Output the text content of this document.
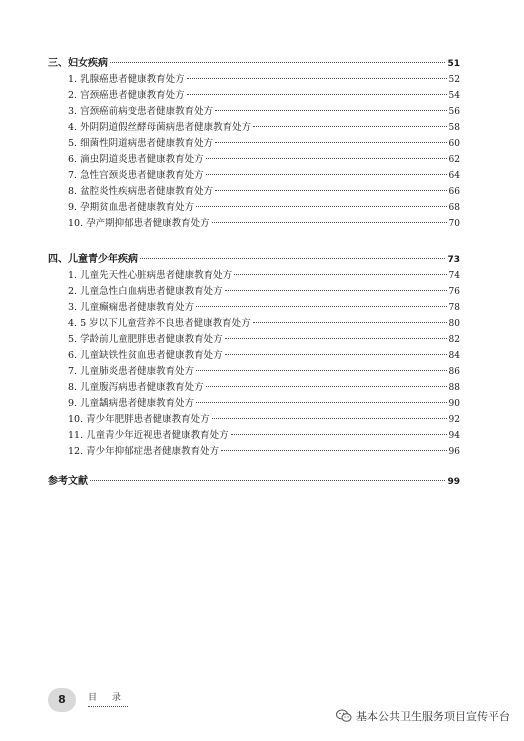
三、妇女疾病	51
1. 乳腺癌患者健康教育处方	52
2. 宫颈癌患者健康教育处方	54
3. 宫颈癌前病变患者健康教育处方	56
4. 外阴阴道假丝酵母菌病患者健康教育处方	58
5. 细菌性阴道病患者健康教育处方	60
6. 滴虫阴道炎患者健康教育处方	62
7. 急性宫颈炎患者健康教育处方	64
8. 盆腔炎性疾病患者健康教育处方	66
9. 孕期贫血患者健康教育处方	68
10. 孕产期抑郁患者健康教育处方	70
四、儿童青少年疾病	73
1. 儿童先天性心脏病患者健康教育处方	74
2. 儿童急性白血病患者健康教育处方	76
3. 儿童癫痫患者健康教育处方	78
4. 5 岁以下儿童营养不良患者健康教育处方	80
5. 学龄前儿童肥胖患者健康教育处方	82
6. 儿童缺铁性贫血患者健康教育处方	84
7. 儿童肺炎患者健康教育处方	86
8. 儿童腹泻病患者健康教育处方	88
9. 儿童龋病患者健康教育处方	90
10. 青少年肥胖患者健康教育处方	92
11. 儿童青少年近视患者健康教育处方	94
12. 青少年抑郁症患者健康教育处方	96
参考文献	99
8	目 录
基本公共卫生服务项目宣传平台
